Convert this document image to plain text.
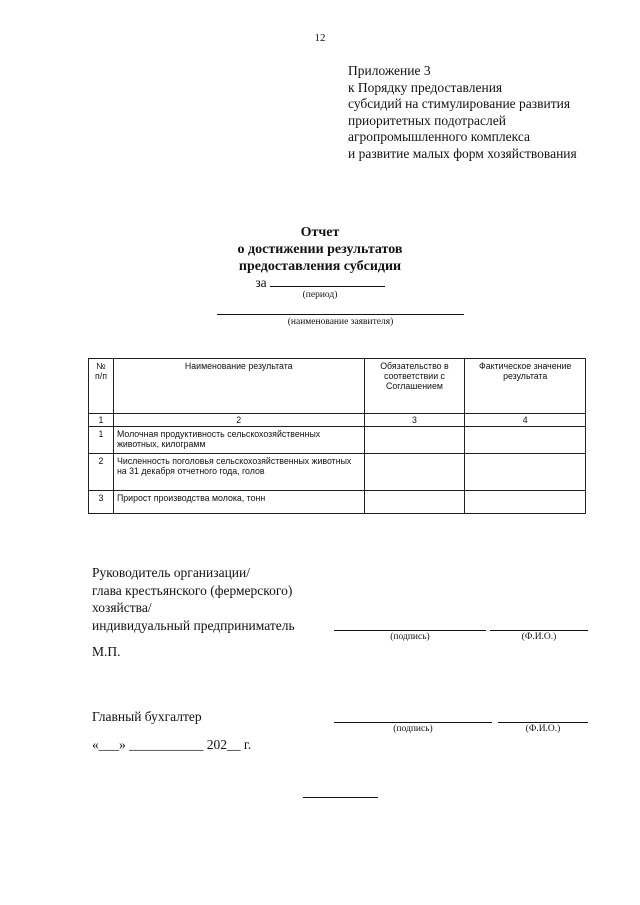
12
Приложение 3
к Порядку предоставления
субсидий на стимулирование развития
приоритетных подотраслей
агропромышленного комплекса
и развитие малых форм хозяйствования
Отчет
о достижении результатов
предоставления субсидии
за
(период)
(наименование заявителя)
№ п/п	Наименование результата	Обязательство в соответствии с Соглашением	Фактическое значение результата
1	2	3	4
1	Молочная продуктивность сельскохозяйственных животных, килограмм		
2	Численность поголовья сельскохозяйственных животных
на 31 декабря отчетного года, голов		

3	Прирост производства молока, тонн		
Руководитель организации/
глава крестьянского (фермерского)
хозяйства/
индивидуальный предприниматель
(подпись)	(Ф.И.О.)
М.П.
Главный бухгалтер
(подпись)	(Ф.И.О.)
«___» ___________ 202__ г.
